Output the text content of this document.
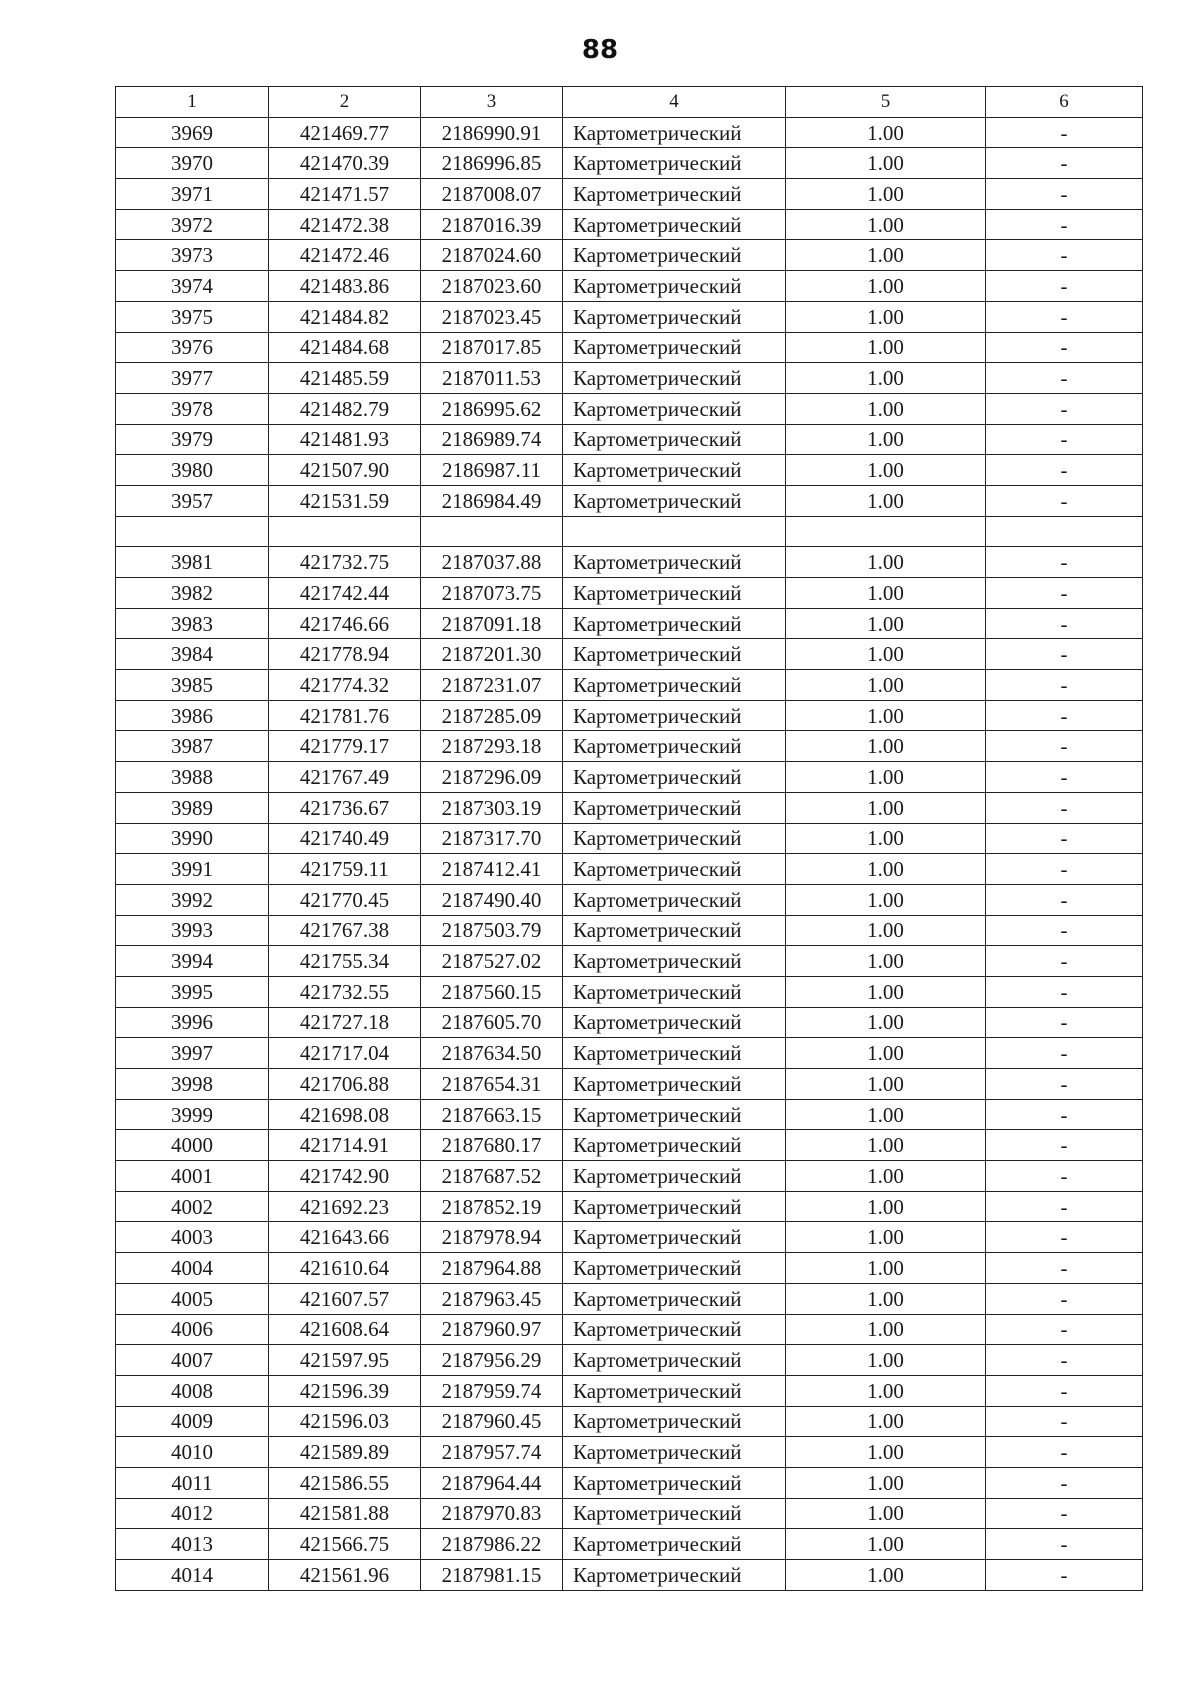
88
1	2	3	4	5	6
3969	421469.77	2186990.91	Картометрический	1.00	-
3970	421470.39	2186996.85	Картометрический	1.00	-
3971	421471.57	2187008.07	Картометрический	1.00	-
3972	421472.38	2187016.39	Картометрический	1.00	-
3973	421472.46	2187024.60	Картометрический	1.00	-
3974	421483.86	2187023.60	Картометрический	1.00	-
3975	421484.82	2187023.45	Картометрический	1.00	-
3976	421484.68	2187017.85	Картометрический	1.00	-
3977	421485.59	2187011.53	Картометрический	1.00	-
3978	421482.79	2186995.62	Картометрический	1.00	-
3979	421481.93	2186989.74	Картометрический	1.00	-
3980	421507.90	2186987.11	Картометрический	1.00	-
3957	421531.59	2186984.49	Картометрический	1.00	-

3981	421732.75	2187037.88	Картометрический	1.00	-
3982	421742.44	2187073.75	Картометрический	1.00	-
3983	421746.66	2187091.18	Картометрический	1.00	-
3984	421778.94	2187201.30	Картометрический	1.00	-
3985	421774.32	2187231.07	Картометрический	1.00	-
3986	421781.76	2187285.09	Картометрический	1.00	-
3987	421779.17	2187293.18	Картометрический	1.00	-
3988	421767.49	2187296.09	Картометрический	1.00	-
3989	421736.67	2187303.19	Картометрический	1.00	-
3990	421740.49	2187317.70	Картометрический	1.00	-
3991	421759.11	2187412.41	Картометрический	1.00	-
3992	421770.45	2187490.40	Картометрический	1.00	-
3993	421767.38	2187503.79	Картометрический	1.00	-
3994	421755.34	2187527.02	Картометрический	1.00	-
3995	421732.55	2187560.15	Картометрический	1.00	-
3996	421727.18	2187605.70	Картометрический	1.00	-
3997	421717.04	2187634.50	Картометрический	1.00	-
3998	421706.88	2187654.31	Картометрический	1.00	-
3999	421698.08	2187663.15	Картометрический	1.00	-
4000	421714.91	2187680.17	Картометрический	1.00	-
4001	421742.90	2187687.52	Картометрический	1.00	-
4002	421692.23	2187852.19	Картометрический	1.00	-
4003	421643.66	2187978.94	Картометрический	1.00	-
4004	421610.64	2187964.88	Картометрический	1.00	-
4005	421607.57	2187963.45	Картометрический	1.00	-
4006	421608.64	2187960.97	Картометрический	1.00	-
4007	421597.95	2187956.29	Картометрический	1.00	-
4008	421596.39	2187959.74	Картометрический	1.00	-
4009	421596.03	2187960.45	Картометрический	1.00	-
4010	421589.89	2187957.74	Картометрический	1.00	-
4011	421586.55	2187964.44	Картометрический	1.00	-
4012	421581.88	2187970.83	Картометрический	1.00	-
4013	421566.75	2187986.22	Картометрический	1.00	-
4014	421561.96	2187981.15	Картометрический	1.00	-
